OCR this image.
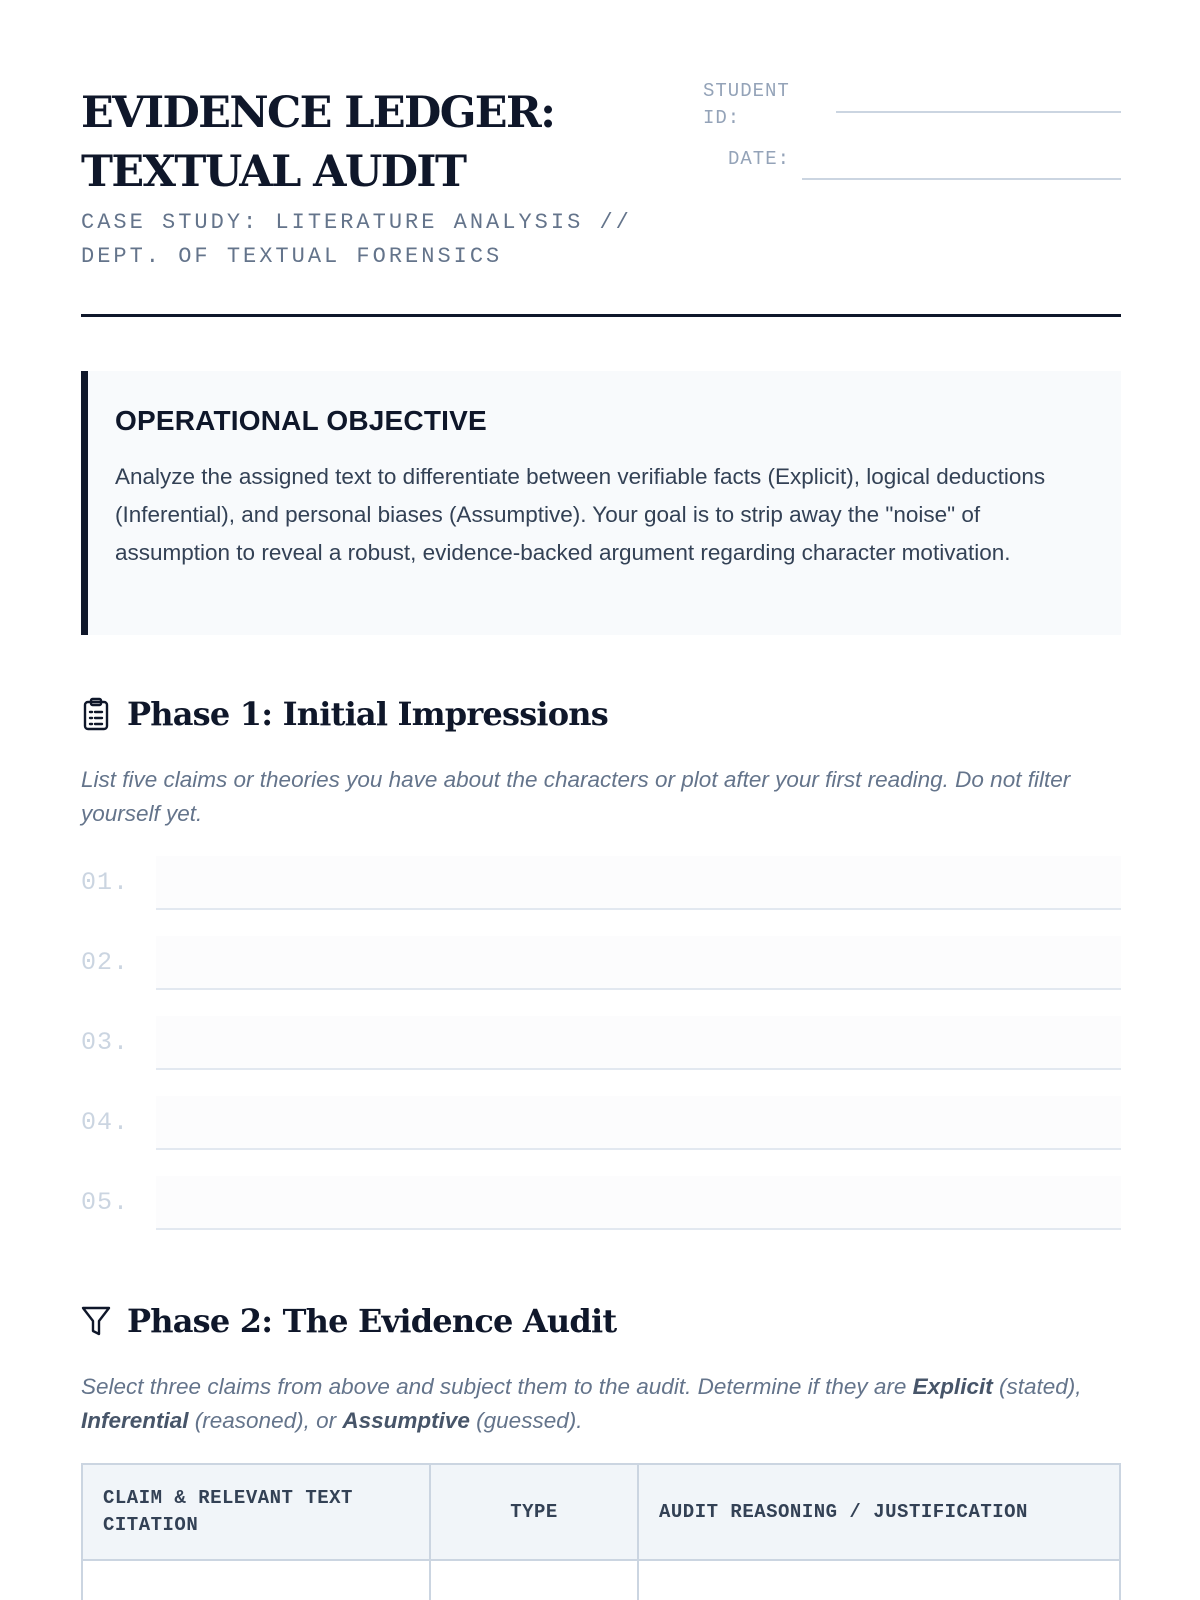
EVIDENCE LEDGER:
TEXTUAL AUDIT
CASE STUDY: LITERATURE ANALYSIS //
DEPT. OF TEXTUAL FORENSICS
STUDENT
ID:
DATE:
OPERATIONAL OBJECTIVE

Analyze the assigned text to differentiate between verifiable facts (Explicit), logical deductions (Inferential), and personal biases (Assumptive). Your goal is to strip away the "noise" of assumption to reveal a robust, evidence-backed argument regarding character motivation.

Phase 1: Initial Impressions

List five claims or theories you have about the characters or plot after your first reading. Do not filter yourself yet.

01.
02.
03.
04.
05.
Phase 2: The Evidence Audit

Select three claims from above and subject them to the audit. Determine if they are Explicit (stated), Inferential (reasoned), or Assumptive (guessed).

CLAIM & RELEVANT TEXT CITATION	TYPE	AUDIT REASONING / JUSTIFICATION
